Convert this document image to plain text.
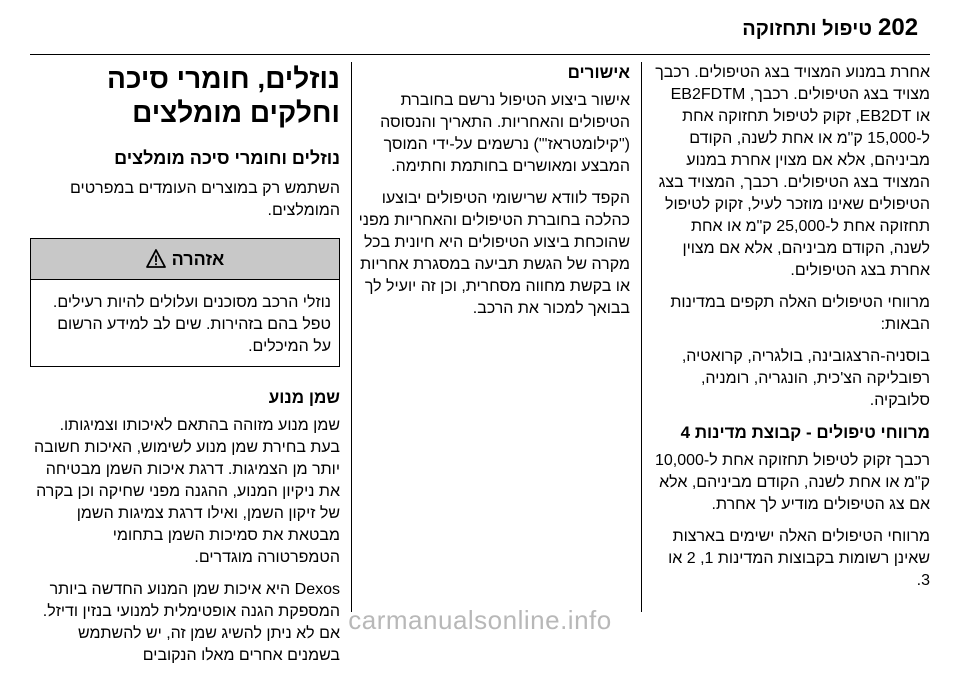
202
טיפול ותחזוקה

אחרת במנוע המצויד בצג הטיפולים. רכבך מצויד בצג הטיפולים. רכבך, EB2FDTM או EB2DT, זקוק לטיפול תחזוקה אחת ל-15,000 ק"מ או אחת לשנה, הקודם מביניהם, אלא אם מצוין אחרת במנוע המצויד בצג הטיפולים. רכבך, המצויד בצג הטיפולים שאינו מוזכר לעיל, זקוק לטיפול תחזוקה אחת ל-25,000 ק"מ או אחת לשנה, הקודם מביניהם, אלא אם מצוין אחרת בצג הטיפולים.

מרווחי הטיפולים האלה תקפים במדינות הבאות:

בוסניה-הרצגובינה, בולגריה, קרואטיה, רפובליקה הצ'כית, הונגריה, רומניה, סלובקיה.

מרווחי טיפולים - קבוצת מדינות 4

רכבך זקוק לטיפול תחזוקה אחת ל-10,000 ק"מ או אחת לשנה, הקודם מביניהם, אלא אם צג הטיפולים מודיע לך אחרת.

מרווחי הטיפולים האלה ישימים בארצות שאינן רשומות בקבוצות המדינות 1, 2 או 3.

אישורים

אישור ביצוע הטיפול נרשם בחוברת הטיפולים והאחריות. התאריך והנסוסה ("קילומטראז'") נרשמים על-ידי המוסך המבצע ומאושרים בחותמת וחתימה.

הקפד לוודא שרישומי הטיפולים יבוצעו כהלכה בחוברת הטיפולים והאחריות מפני שהוכחת ביצוע הטיפולים היא חיונית בכל מקרה של הגשת תביעה במסגרת אחריות או בקשת מחווה מסחרית, וכן זה יועיל לך בבואך למכור את הרכב.

נוזלים, חומרי סיכה וחלקים מומלצים
נוזלים וחומרי סיכה מומלצים

השתמש רק במוצרים העומדים במפרטים המומלצים.

אזהרה

נוזלי הרכב מסוכנים ועלולים להיות רעילים. טפל בהם בזהירות. שים לב למידע הרשום על המיכלים.

שמן מנוע

שמן מנוע מזוהה בהתאם לאיכותו וצמיגותו. בעת בחירת שמן מנוע לשימוש, האיכות חשובה יותר מן הצמיגות. דרגת איכות השמן מבטיחה את ניקיון המנוע, ההגנה מפני שחיקה וכן בקרה של זיקון השמן, ואילו דרגת צמיגות השמן מבטאת את סמיכות השמן בתחומי הטמפרטורה מוגדרים.

Dexos היא איכות שמן המנוע החדשה ביותר המספקת הגנה אופטימלית למנועי בנזין ודיזל. אם לא ניתן להשיג שמן זה, יש להשתמש בשמנים אחרים מאלו הנקובים

carmanualsonline.info
